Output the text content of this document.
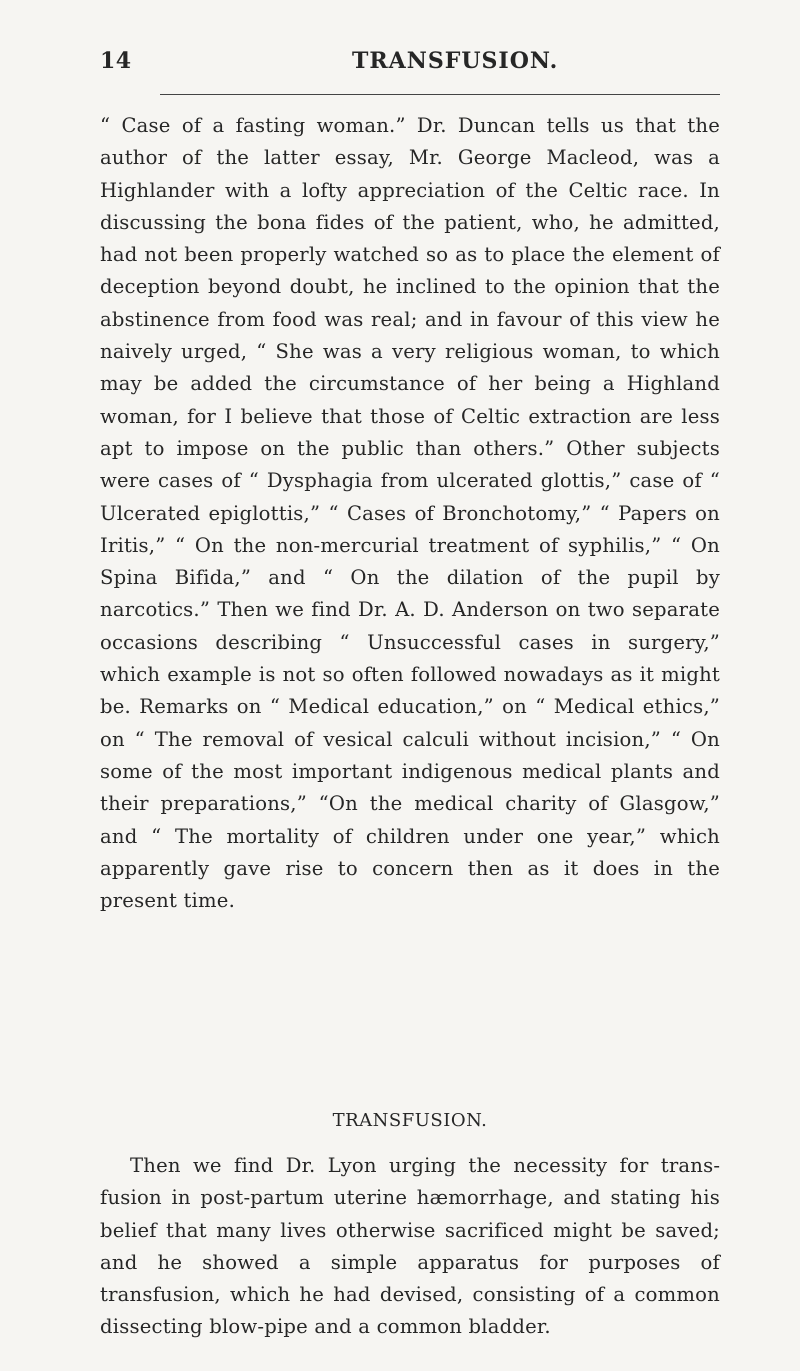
14	TRANSFUSION.

“ Case of a fasting woman.” Dr. Duncan tells us that the author of the latter essay, Mr. George Macleod, was a Highlander with a lofty appreciation of the Celtic race. In discussing the bona fides of the patient, who, he admitted, had not been properly watched so as to place the element of deception beyond doubt, he inclined to the opinion that the abstinence from food was real; and in favour of this view he naively urged, “ She was a very religious woman, to which may be added the circumstance of her being a Highland woman, for I believe that those of Celtic extraction are less apt to impose on the public than others.” Other subjects were cases of “ Dysphagia from ulcerated glottis,” case of “ Ulcerated epiglottis,” “ Cases of Bronchotomy,” “ Papers on Iritis,” “ On the non-mercurial treatment of syphilis,” “ On Spina Bifida,” and “ On the dilation of the pupil by narcotics.” Then we find Dr. A. D. Anderson on two separate occasions describing “ Unsuccessful cases in surgery,” which example is not so often followed nowadays as it might be. Remarks on “ Medical education,” on “ Medical ethics,” on “ The removal of vesical calculi without incision,” “ On some of the most important indigenous medical plants and their preparations,” “On the medical charity of Glasgow,” and “ The mortality of children under one year,” which apparently gave rise to concern then as it does in the present time.

TRANSFUSION.

Then we find Dr. Lyon urging the necessity for transfusion in post-partum uterine hæmorrhage, and stating his belief that many lives otherwise sacrificed might be saved; and he showed a simple apparatus for purposes of transfusion, which he had devised, consisting of a common dissecting blow-pipe and a common bladder.
